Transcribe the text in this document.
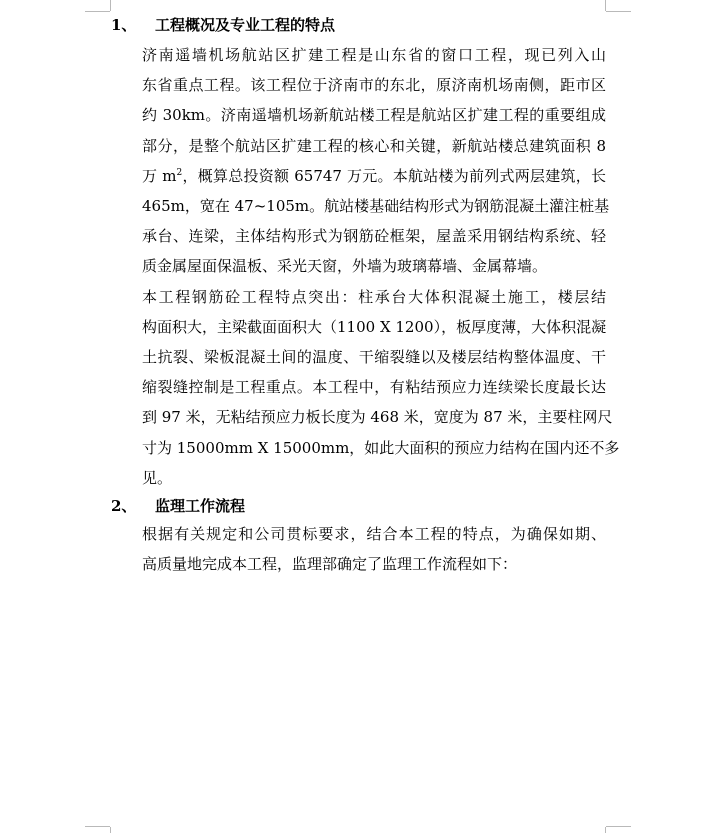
1、	工程概况及专业工程的特点
济南遥墙机场航站区扩建工程是山东省的窗口工程，现已列入山
东省重点工程。该工程位于济南市的东北，原济南机场南侧，距市区
约 30km。济南遥墙机场新航站楼工程是航站区扩建工程的重要组成
部分，是整个航站区扩建工程的核心和关键，新航站楼总建筑面积 8
万 $m^2$，概算总投资额 65747 万元。本航站楼为前列式两层建筑，长
465m，宽在 47~105m。航站楼基础结构形式为钢筋混凝土灌注桩基
承台、连梁，主体结构形式为钢筋砼框架，屋盖采用钢结构系统、轻
质金属屋面保温板、采光天窗，外墙为玻璃幕墙、金属幕墙。
本工程钢筋砼工程特点突出：柱承台大体积混凝土施工，楼层结
构面积大，主梁截面面积大（1100 X 1200），板厚度薄，大体积混凝
土抗裂、梁板混凝土间的温度、干缩裂缝以及楼层结构整体温度、干
缩裂缝控制是工程重点。本工程中，有粘结预应力连续梁长度最长达
到 97 米，无粘结预应力板长度为 468 米，宽度为 87 米，主要柱网尺
寸为 15000mm X 15000mm，如此大面积的预应力结构在国内还不多
见。
2、	监理工作流程
根据有关规定和公司贯标要求，结合本工程的特点，为确保如期、
高质量地完成本工程，监理部确定了监理工作流程如下：
